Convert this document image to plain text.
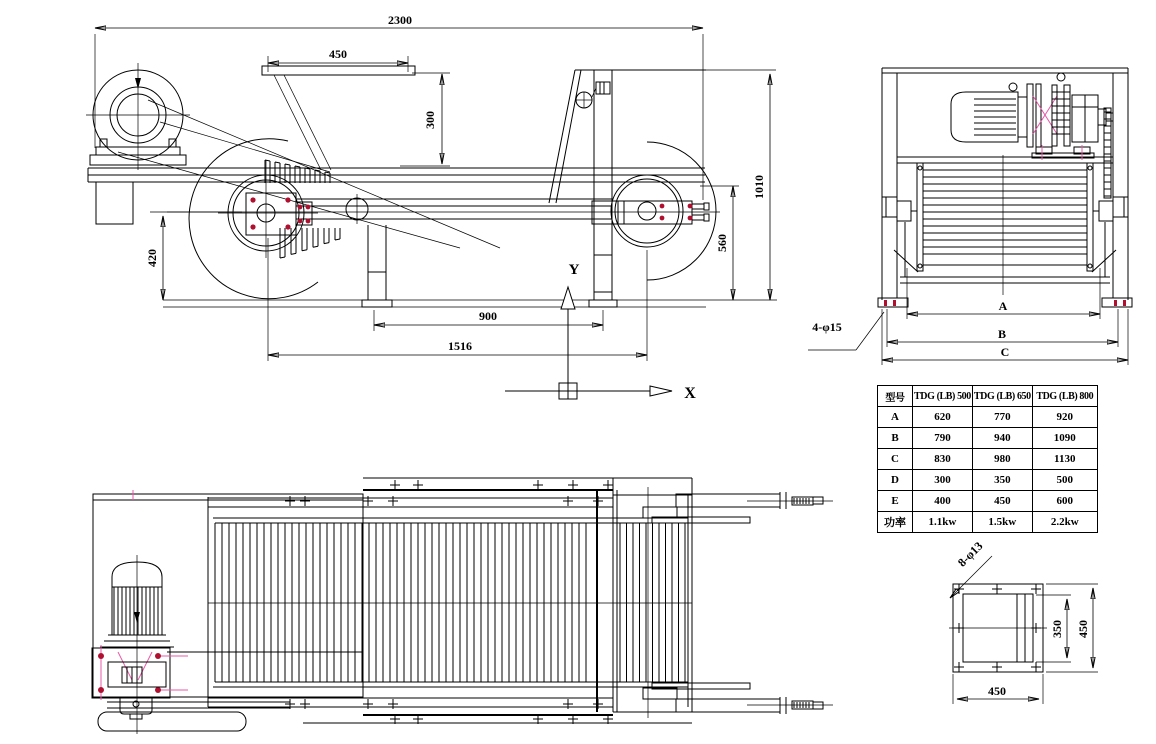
2300
450
300
420
900
1516
560
1010
X
Y
A
B
C
4-φ15
350 450
450
8-φ13
型号	TDG (LB) 500	TDG (LB) 650	TDG (LB) 800
A	620	770	920
B	790	940	1090
C	830	980	1130
D	300	350	500
E	400	450	600
功率	1.1kw	1.5kw	2.2kw
